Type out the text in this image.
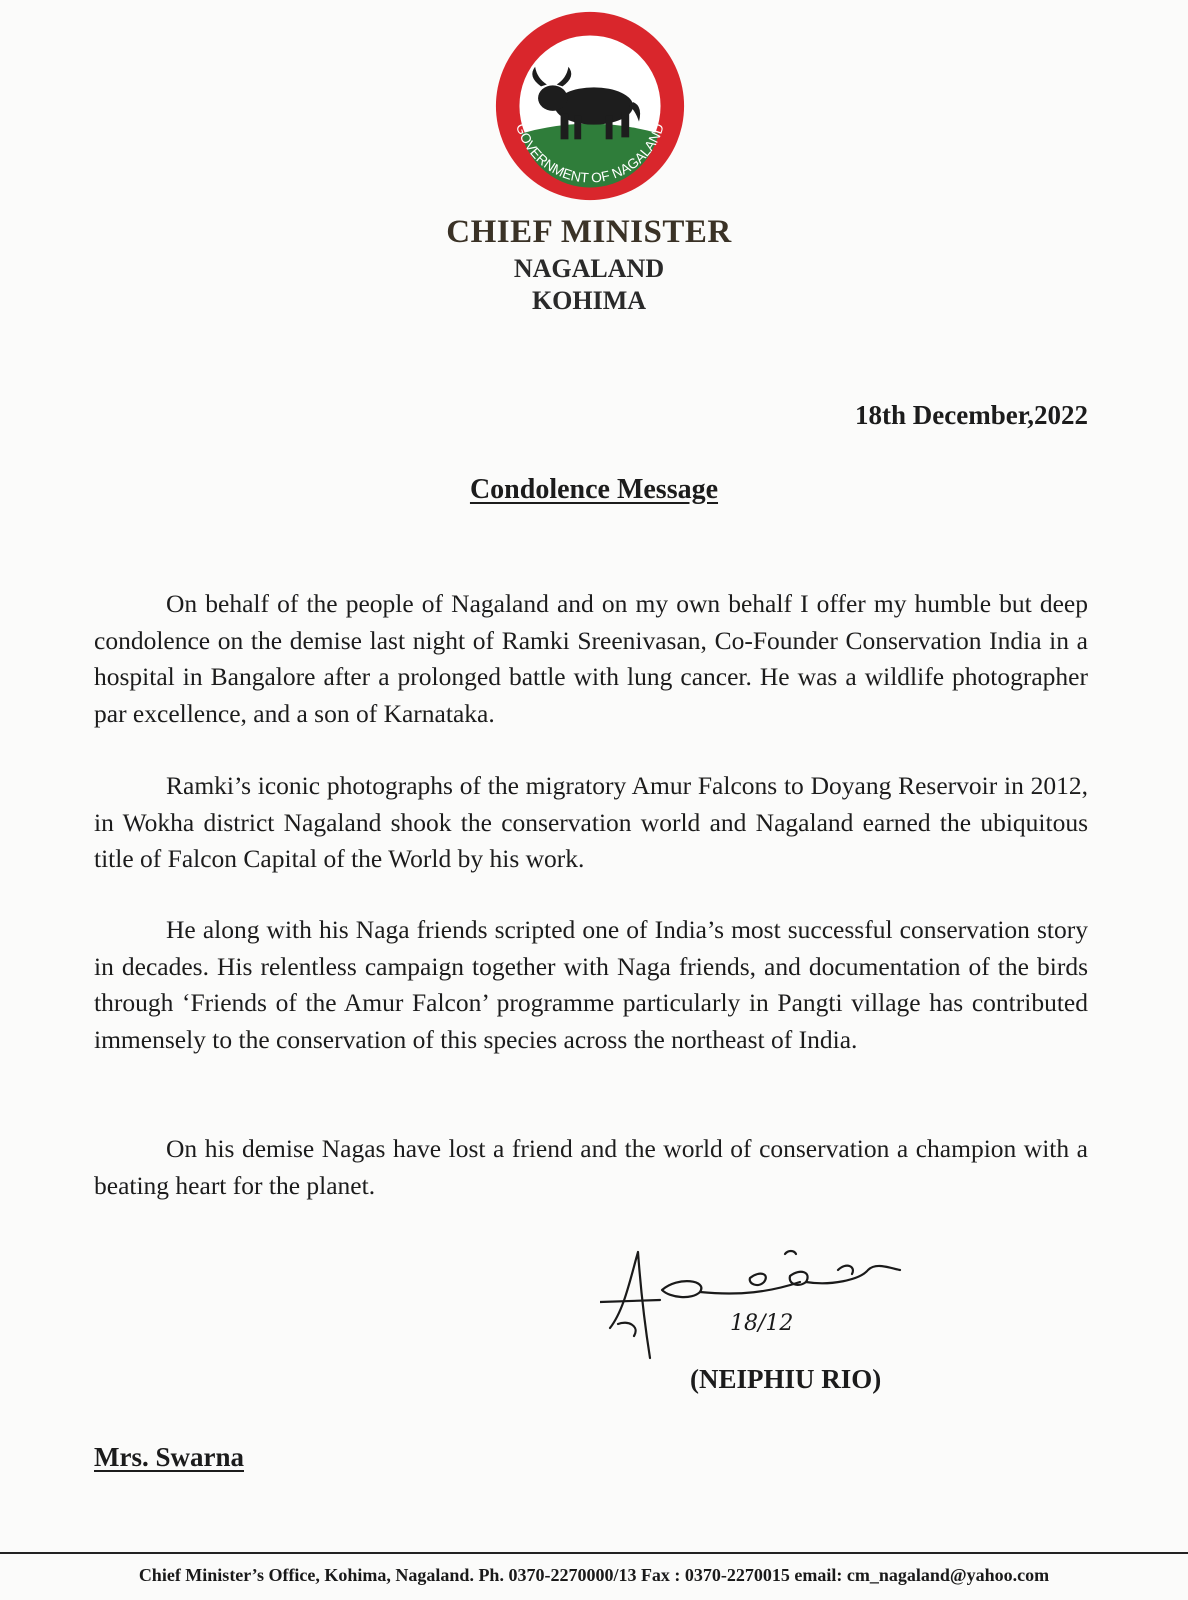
UNITY
GOVERNMENT OF NAGALAND
CHIEF MINISTER
NAGALAND
KOHIMA
18th December,2022
Condolence Message

On behalf of the people of Nagaland and on my own behalf I offer my humble but deep condolence on the demise last night of Ramki Sreenivasan, Co-Founder Conservation India in a hospital in Bangalore after a prolonged battle with lung cancer. He was a wildlife photographer par excellence, and a son of Karnataka.

Ramki’s iconic photographs of the migratory Amur Falcons to Doyang Reservoir in 2012, in Wokha district Nagaland shook the conservation world and Nagaland earned the ubiquitous title of Falcon Capital of the World by his work.

He along with his Naga friends scripted one of India’s most successful conservation story in decades. His relentless campaign together with Naga friends, and documentation of the birds through ‘Friends of the Amur Falcon’ programme particularly in Pangti village has contributed immensely to the conservation of this species across the northeast of India.

On his demise Nagas have lost a friend and the world of conservation a champion with a beating heart for the planet.

18/12
(NEIPHIU RIO)
Mrs. Swarna
Chief Minister’s Office, Kohima, Nagaland. Ph. 0370-2270000/13 Fax : 0370-2270015 email: cm_nagaland@yahoo.com
